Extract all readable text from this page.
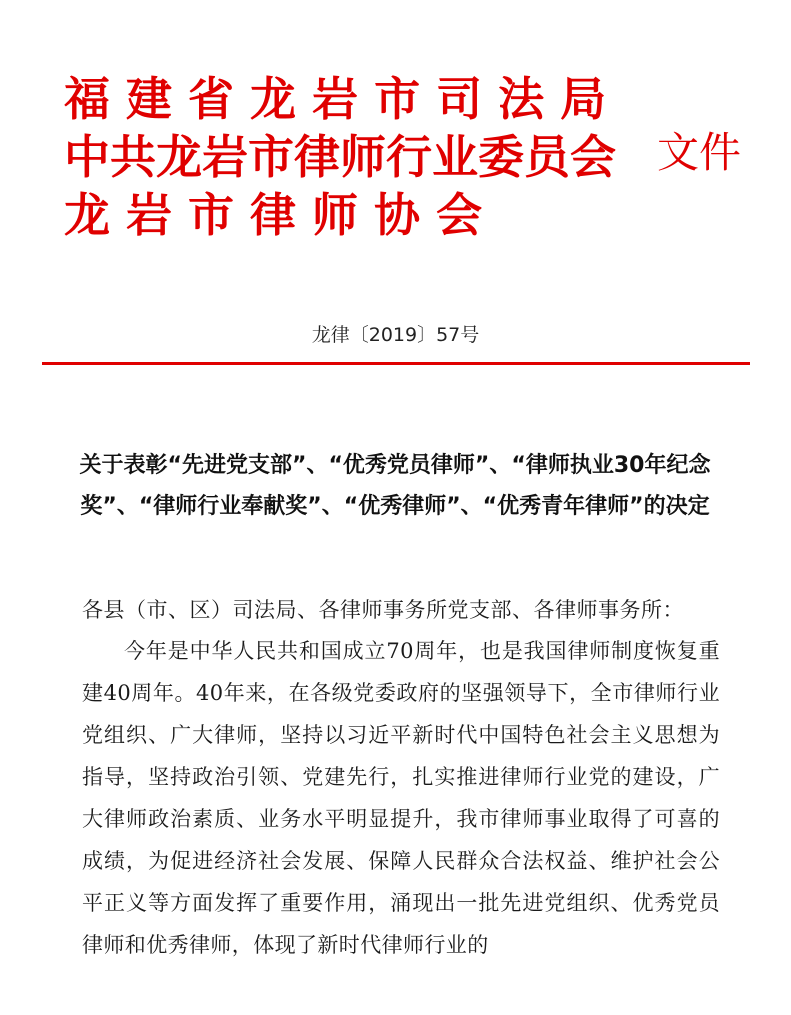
福 建 省 龙 岩 市 司 法 局
中共龙岩市律师行业委员会
龙 岩 市 律 师 协 会
文件
龙律〔2019〕57号
关于表彰“先进党支部”、“优秀党员律师”、“律师执业30年纪念奖”、“律师行业奉献奖”、“优秀律师”、“优秀青年律师”的决定
各县（市、区）司法局、各律师事务所党支部、各律师事务所：
今年是中华人民共和国成立70周年，也是我国律师制度恢复重建40周年。40年来，在各级党委政府的坚强领导下，全市律师行业党组织、广大律师，坚持以习近平新时代中国特色社会主义思想为指导，坚持政治引领、党建先行，扎实推进律师行业党的建设，广大律师政治素质、业务水平明显提升，我市律师事业取得了可喜的成绩，为促进经济社会发展、保障人民群众合法权益、维护社会公平正义等方面发挥了重要作用，涌现出一批先进党组织、优秀党员律师和优秀律师，体现了新时代律师行业的
